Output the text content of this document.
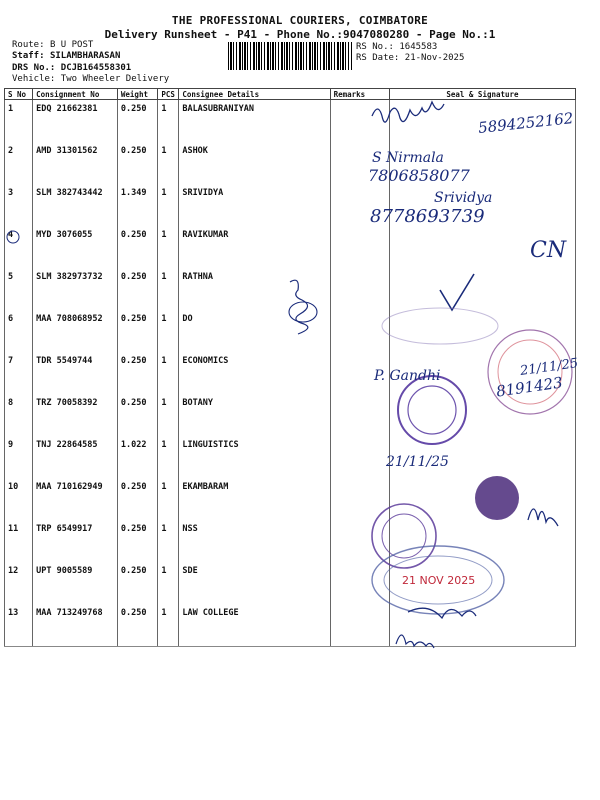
THE PROFESSIONAL COURIERS, COIMBATORE
Delivery Runsheet - P41 - Phone No.:9047080280 - Page No.:1
Route: B U POST
Staff: SILAMBHARASAN
DRS No.: DCJB164558301
Vehicle: Two Wheeler Delivery
RS No.: 1645583
RS Date: 21-Nov-2025
S No	Consignment No	Weight	PCS	Consignee Details	Remarks	Seal & Signature
1	EDQ 21662381	0.250	1	BALASUBRANIYAN		
2	AMD 31301562	0.250	1	ASHOK		
3	SLM 382743442	1.349	1	SRIVIDYA		
4	MYD 3076055	0.250	1	RAVIKUMAR		
5	SLM 382973732	0.250	1	RATHNA		
6	MAA 708068952	0.250	1	DO		
7	TDR 5549744	0.250	1	ECONOMICS		
8	TRZ 70058392	0.250	1	BOTANY		
9	TNJ 22864585	1.022	1	LINGUISTICS		
10	MAA 710162949	0.250	1	EKAMBARAM		
11	TRP 6549917	0.250	1	NSS		
12	UPT 9005589	0.250	1	SDE		
13	MAA 713249768	0.250	1	LAW COLLEGE		
5894252162
S Nirmala
7806858077
Srividya
8778693739
CN
P. Gandhi	21/11/25
8191423
21/11/25
21 NOV 2025
